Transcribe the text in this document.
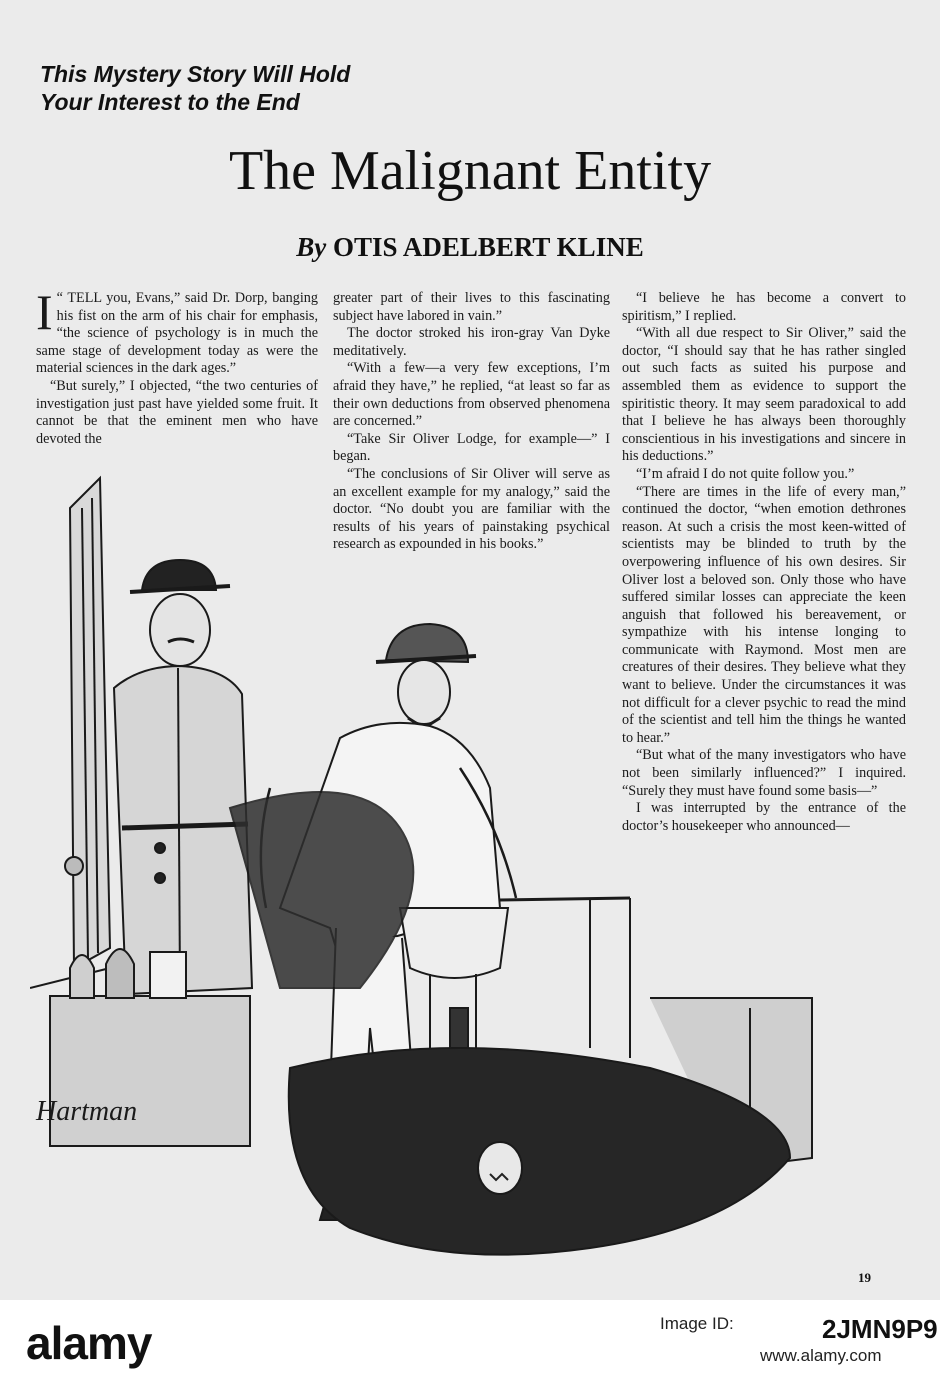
This Mystery Story Will Hold
Your Interest to the End
The Malignant Entity
By OTIS ADELBERT KLINE

I “ TELL you, Evans,” said Dr. Dorp, banging his fist on the arm of his chair for emphasis, “the science of psychology is in much the same stage of development today as were the material sciences in the dark ages.”

“But surely,” I objected, “the two centuries of investigation just past have yielded some fruit. It cannot be that the eminent men who have devoted the

greater part of their lives to this fascinating subject have labored in vain.”

The doctor stroked his iron-gray Van Dyke meditatively.

“With a few—a very few exceptions, I’m afraid they have,” he replied, “at least so far as their own deductions from observed phenomena are concerned.”

“Take Sir Oliver Lodge, for example—” I began.

“The conclusions of Sir Oliver will serve as an excellent example for my analogy,” said the doctor. “No doubt you are familiar with the results of his years of painstaking psychical research as expounded in his books.”

“I believe he has become a convert to spiritism,” I replied.

“With all due respect to Sir Oliver,” said the doctor, “I should say that he has rather singled out such facts as suited his purpose and assembled them as evidence to support the spiritistic theory. It may seem paradoxical to add that I believe he has always been thoroughly conscientious in his investigations and sincere in his deductions.”

“I’m afraid I do not quite follow you.”

“There are times in the life of every man,” continued the doctor, “when emotion dethrones reason. At such a crisis the most keen-witted of scientists may be blinded to truth by the overpowering influence of his own desires. Sir Oliver lost a beloved son. Only those who have suffered similar losses can appreciate the keen anguish that followed his bereavement, or sympathize with his intense longing to communicate with Raymond. Most men are creatures of their desires. They believe what they want to believe. Under the circumstances it was not difficult for a clever psychic to read the mind of the scientist and tell him the things he wanted to hear.”

“But what of the many investigators who have not been similarly influenced?” I inquired. “Surely they must have found some basis—”

I was interrupted by the entrance of the doctor’s housekeeper who announced—

Hartman
19
alamy	Image ID:	2JMN9P9
www.alamy.com
